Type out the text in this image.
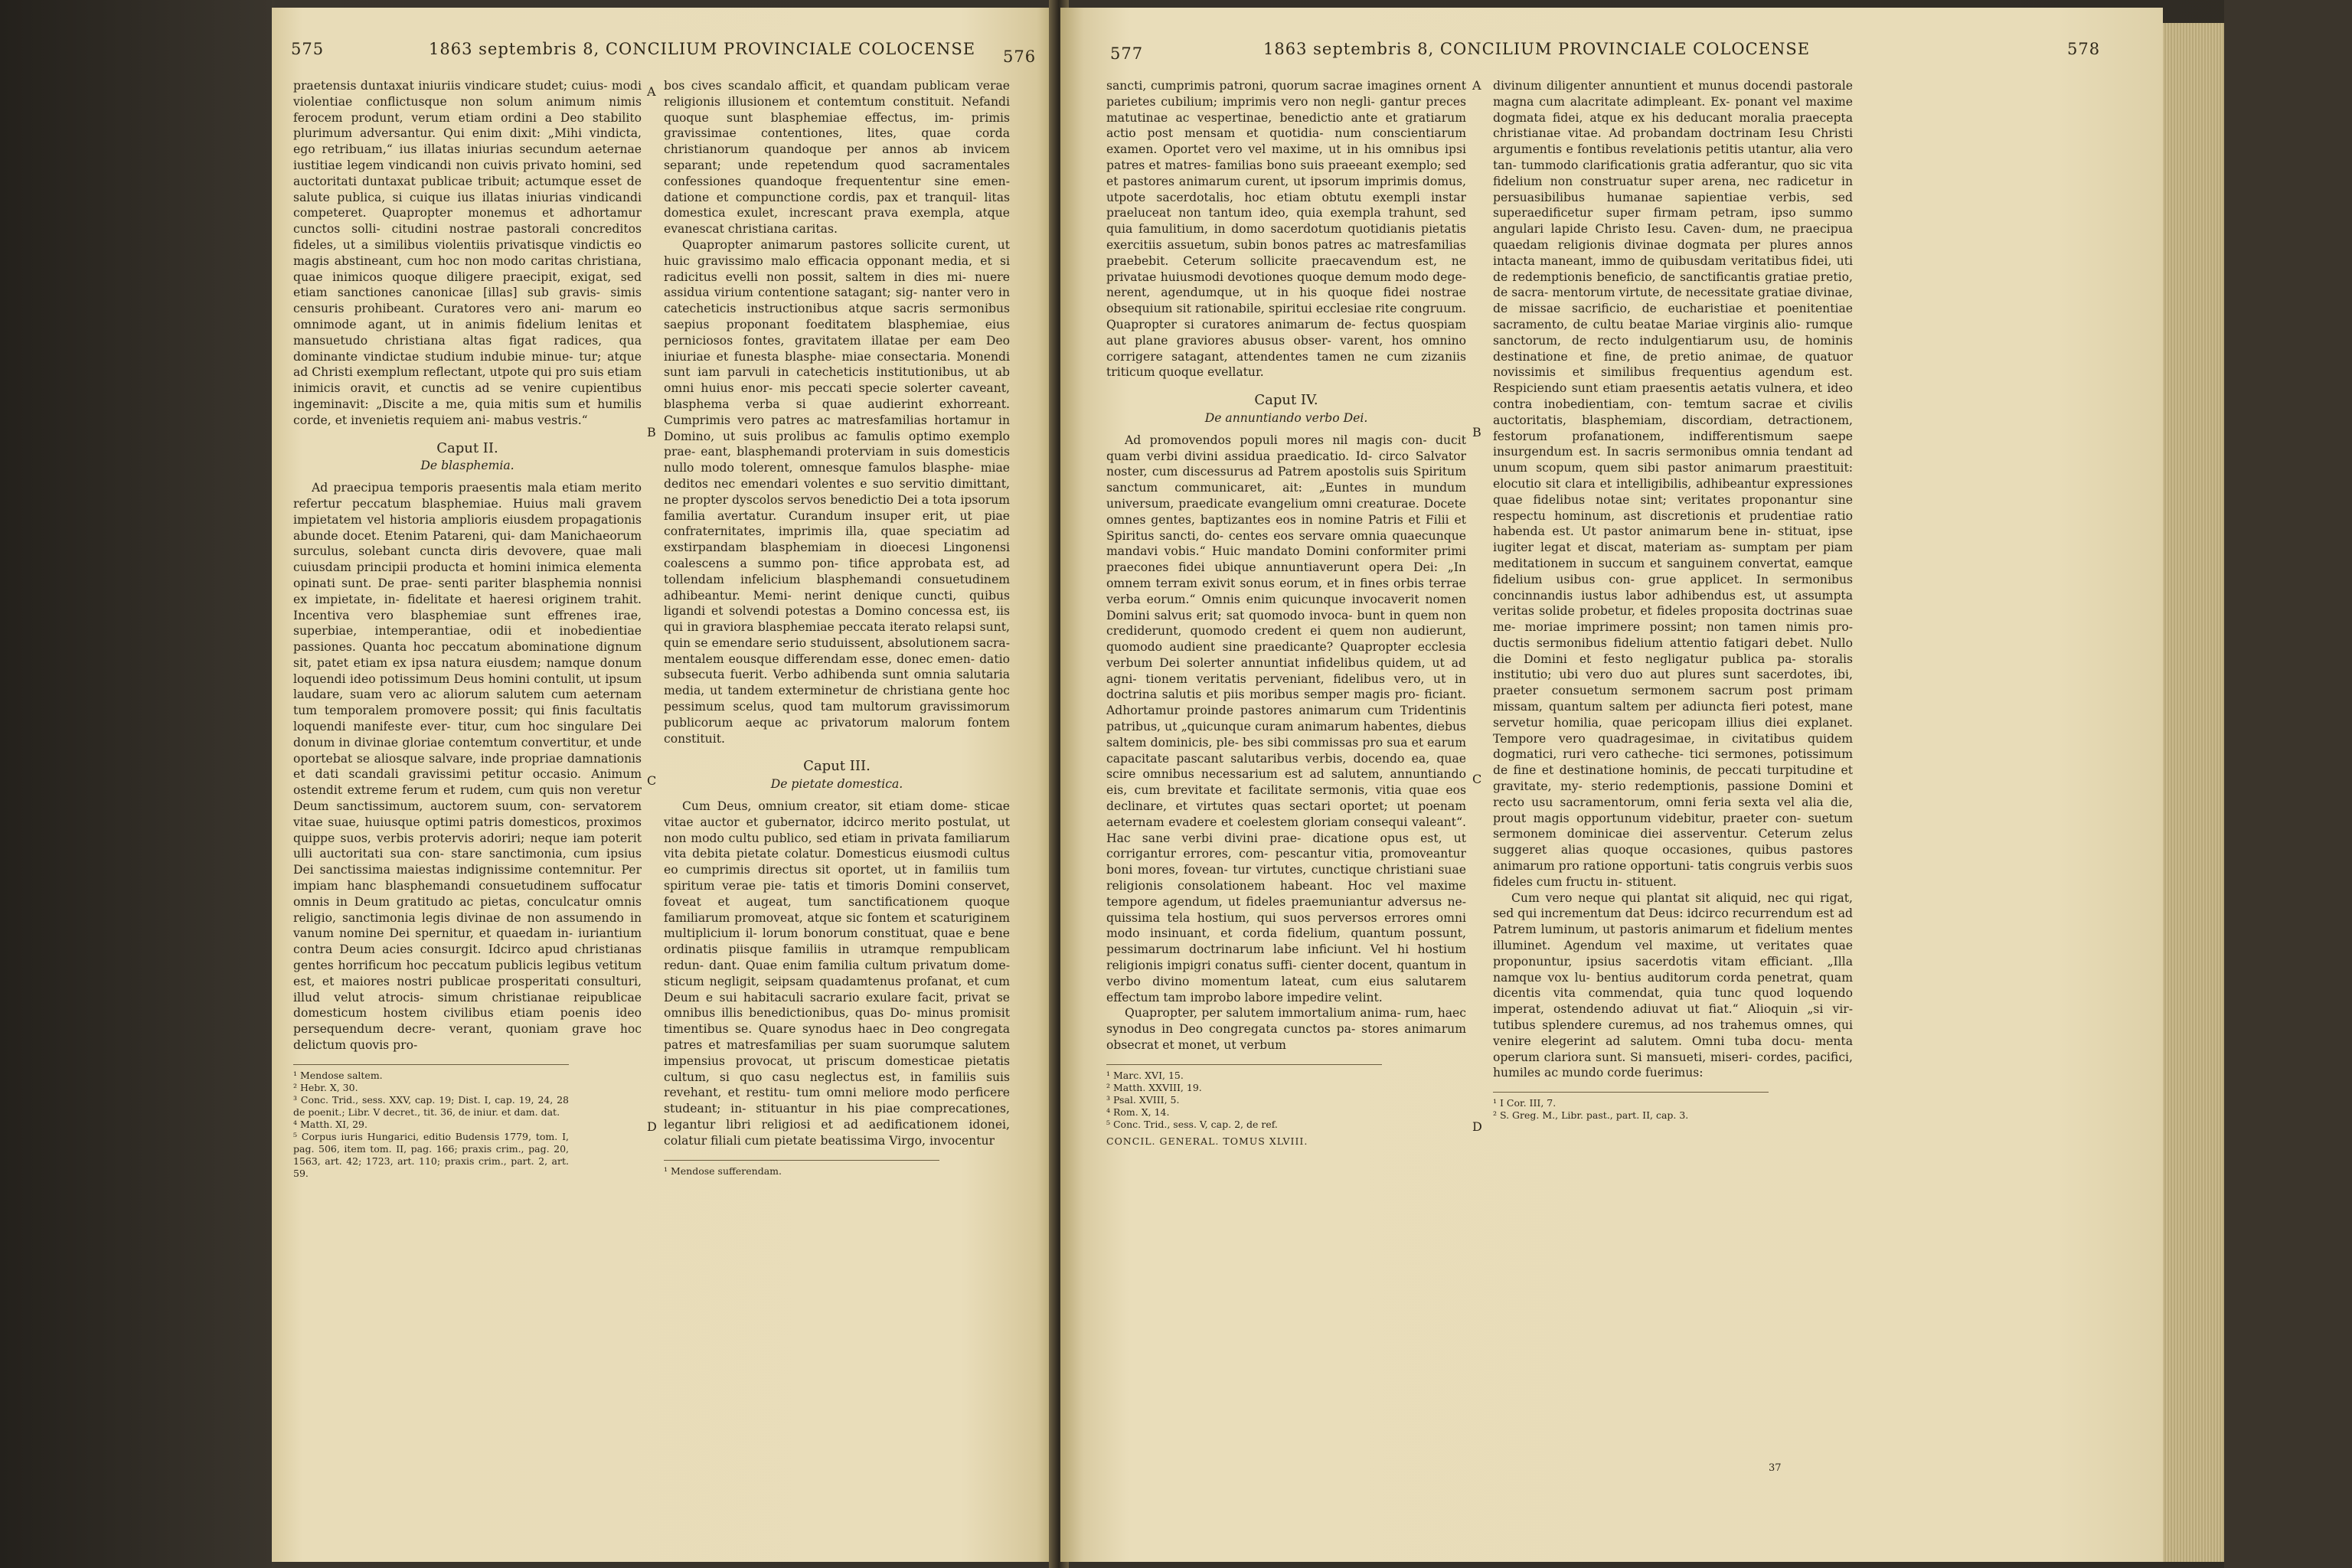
575	1863 septembris 8, CONCILIUM PROVINCIALE COLOCENSE 576

praetensis duntaxat iniuriis vindicare studet; cuius- modi violentiae conflictusque non solum animum nimis ferocem produnt, verum etiam ordini a Deo stabilito plurimum adversantur. Qui enim dixit: „Mihi vindicta, ego retribuam,“ ius illatas iniurias secundum aeternae iustitiae legem vindicandi non cuivis privato homini, sed auctoritati duntaxat publicae tribuit; actumque esset de salute publica, si cuique ius illatas iniurias vindicandi competeret. Quapropter monemus et adhortamur cunctos solli- citudini nostrae pastorali concreditos fideles, ut a similibus violentiis privatisque vindictis eo magis abstineant, cum hoc non modo caritas christiana, quae inimicos quoque diligere praecipit, exigat, sed etiam sanctiones canonicae [illas] sub gravis- simis censuris prohibeant. Curatores vero ani- marum eo omnimode agant, ut in animis fidelium lenitas et mansuetudo christiana altas figat radices, qua dominante vindictae studium indubie minue- tur; atque ad Christi exemplum reflectant, utpote qui pro suis etiam inimicis oravit, et cunctis ad se venire cupientibus ingeminavit: „Discite a me, quia mitis sum et humilis corde, et invenietis requiem ani- mabus vestris.“

Caput II.
De blasphemia.

Ad praecipua temporis praesentis mala etiam merito refertur peccatum blasphemiae. Huius mali gravem impietatem vel historia amplioris eiusdem propagationis abunde docet. Etenim Patareni, qui- dam Manichaeorum surculus, solebant cuncta diris devovere, quae mali cuiusdam principii producta et homini inimica elementa opinati sunt. De prae- senti pariter blasphemia nonnisi ex impietate, in- fidelitate et haeresi originem trahit. Incentiva vero blasphemiae sunt effrenes irae, superbiae, intemperantiae, odii et inobedientiae passiones. Quanta hoc peccatum abominatione dignum sit, patet etiam ex ipsa natura eiusdem; namque donum loquendi ideo potissimum Deus homini contulit, ut ipsum laudare, suam vero ac aliorum salutem cum aeternam tum temporalem promovere possit; qui finis facultatis loquendi manifeste ever- titur, cum hoc singulare Dei donum in divinae gloriae contemtum convertitur, et unde oportebat se aliosque salvare, inde propriae damnationis et dati scandali gravissimi petitur occasio. Animum ostendit extreme ferum et rudem, cum quis non veretur Deum sanctissimum, auctorem suum, con- servatorem vitae suae, huiusque optimi patris domesticos, proximos quippe suos, verbis protervis adoriri; neque iam poterit ulli auctoritati sua con- stare sanctimonia, cum ipsius Dei sanctissima maiestas indignissime contemnitur. Per impiam hanc blasphemandi consuetudinem suffocatur omnis in Deum gratitudo ac pietas, conculcatur omnis religio, sanctimonia legis divinae de non assumendo in vanum nomine Dei spernitur, et quaedam in- iuriantium contra Deum acies consurgit. Idcirco apud christianas gentes horrificum hoc peccatum publicis legibus vetitum est, et maiores nostri publicae prosperitati consulturi, illud velut atrocis- simum christianae reipublicae domesticum hostem civilibus etiam poenis ideo persequendum decre- verant, quoniam grave hoc delictum quovis pro-

¹ Mendose saltem.
² Hebr. X, 30.
³ Conc. Trid., sess. XXV, cap. 19; Dist. I, cap. 19, 24, 28 de poenit.; Libr. V decret., tit. 36, de iniur. et dam. dat.
⁴ Matth. XI, 29.
⁵ Corpus iuris Hungarici, editio Budensis 1779, tom. I, pag. 506, item tom. II, pag. 166; praxis crim., pag. 20, 1563, art. 42; 1723, art. 110; praxis crim., part. 2, art. 59.
A
B
C
D

bos cives scandalo afficit, et quandam publicam verae religionis illusionem et contemtum constituit. Nefandi quoque sunt blasphemiae effectus, im- primis gravissimae contentiones, lites, quae corda christianorum quandoque per annos ab invicem separant; unde repetendum quod sacramentales confessiones quandoque frequententur sine emen- datione et compunctione cordis, pax et tranquil- litas domestica exulet, increscant prava exempla, atque evanescat christiana caritas.

Quapropter animarum pastores sollicite curent, ut huic gravissimo malo efficacia opponant media, et si radicitus evelli non possit, saltem in dies mi- nuere assidua virium contentione satagant; sig- nanter vero in catecheticis instructionibus atque sacris sermonibus saepius proponant foeditatem blasphemiae, eius perniciosos fontes, gravitatem illatae per eam Deo iniuriae et funesta blasphe- miae consectaria. Monendi sunt iam parvuli in catecheticis institutionibus, ut ab omni huius enor- mis peccati specie solerter caveant, blasphema verba si quae audierint exhorreant. Cumprimis vero patres ac matresfamilias hortamur in Domino, ut suis prolibus ac famulis optimo exemplo prae- eant, blasphemandi proterviam in suis domesticis nullo modo tolerent, omnesque famulos blasphe- miae deditos nec emendari volentes e suo servitio dimittant, ne propter dyscolos servos benedictio Dei a tota ipsorum familia avertatur. Curandum insuper erit, ut piae confraternitates, imprimis illa, quae speciatim ad exstirpandam blasphemiam in dioecesi Lingonensi coalescens a summo pon- tifice approbata est, ad tollendam infelicium blasphemandi consuetudinem adhibeantur. Memi- nerint denique cuncti, quibus ligandi et solvendi potestas a Domino concessa est, iis qui in graviora blasphemiae peccata iterato relapsi sunt, quin se emendare serio studuissent, absolutionem sacra- mentalem eousque differendam esse, donec emen- datio subsecuta fuerit. Verbo adhibenda sunt omnia salutaria media, ut tandem exterminetur de christiana gente hoc pessimum scelus, quod tam multorum gravissimorum publicorum aeque ac privatorum malorum fontem constituit.

Caput III.
De pietate domestica.

Cum Deus, omnium creator, sit etiam dome- sticae vitae auctor et gubernator, idcirco merito postulat, ut non modo cultu publico, sed etiam in privata familiarum vita debita pietate colatur. Domesticus eiusmodi cultus eo cumprimis directus sit oportet, ut in familiis tum spiritum verae pie- tatis et timoris Domini conservet, foveat et augeat, tum sanctificationem quoque familiarum promoveat, atque sic fontem et scaturiginem multiplicium il- lorum bonorum constituat, quae e bene ordinatis piisque familiis in utramque rempublicam redun- dant. Quae enim familia cultum privatum dome- sticum negligit, seipsam quadamtenus profanat, et cum Deum e sui habitaculi sacrario exulare facit, privat se omnibus illis benedictionibus, quas Do- minus promisit timentibus se. Quare synodus haec in Deo congregata patres et matresfamilias per suam suorumque salutem impensius provocat, ut priscum domesticae pietatis cultum, si quo casu neglectus est, in familiis suis revehant, et restitu- tum omni meliore modo perficere studeant; in- stituantur in his piae comprecationes, legantur libri religiosi et ad aedificationem idonei, colatur filiali cum pietate beatissima Virgo, invocentur

¹ Mendose sufferendam.
577	1863 septembris 8, CONCILIUM PROVINCIALE COLOCENSE	578

sancti, cumprimis patroni, quorum sacrae imagines ornent parietes cubilium; imprimis vero non negli- gantur preces matutinae ac vespertinae, benedictio ante et gratiarum actio post mensam et quotidia- num conscientiarum examen. Oportet vero vel maxime, ut in his omnibus ipsi patres et matres- familias bono suis praeeant exemplo; sed et pastores animarum curent, ut ipsorum imprimis domus, utpote sacerdotalis, hoc etiam obtutu exempli instar praeluceat non tantum ideo, quia exempla trahunt, sed quia famulitium, in domo sacerdotum quotidianis pietatis exercitiis assuetum, subin bonos patres ac matresfamilias praebebit. Ceterum sollicite praecavendum est, ne privatae huiusmodi devotiones quoque demum modo dege- nerent, agendumque, ut in his quoque fidei nostrae obsequium sit rationabile, spiritui ecclesiae rite congruum. Quapropter si curatores animarum de- fectus quospiam aut plane graviores abusus obser- varent, hos omnino corrigere satagant, attendentes tamen ne cum zizaniis triticum quoque evellatur.

Caput IV.
De annuntiando verbo Dei.

Ad promovendos populi mores nil magis con- ducit quam verbi divini assidua praedicatio. Id- circo Salvator noster, cum discessurus ad Patrem apostolis suis Spiritum sanctum communicaret, ait: „Euntes in mundum universum, praedicate evangelium omni creaturae. Docete omnes gentes, baptizantes eos in nomine Patris et Filii et Spiritus sancti, do- centes eos servare omnia quaecunque mandavi vobis.“ Huic mandato Domini conformiter primi praecones fidei ubique annuntiaverunt opera Dei: „In omnem terram exivit sonus eorum, et in fines orbis terrae verba eorum.“ Omnis enim quicunque invocaverit nomen Domini salvus erit; sat quomodo invoca- bunt in quem non crediderunt, quomodo credent ei quem non audierunt, quomodo audient sine praedicante? Quapropter ecclesia verbum Dei solerter annuntiat infidelibus quidem, ut ad agni- tionem veritatis perveniant, fidelibus vero, ut in doctrina salutis et piis moribus semper magis pro- ficiant. Adhortamur proinde pastores animarum cum Tridentinis patribus, ut „quicunque curam animarum habentes, diebus saltem dominicis, ple- bes sibi commissas pro sua et earum capacitate pascant salutaribus verbis, docendo ea, quae scire omnibus necessarium est ad salutem, annuntiando eis, cum brevitate et facilitate sermonis, vitia quae eos declinare, et virtutes quas sectari oportet; ut poenam aeternam evadere et coelestem gloriam consequi valeant“. Hac sane verbi divini prae- dicatione opus est, ut corrigantur errores, com- pescantur vitia, promoveantur boni mores, fovean- tur virtutes, cunctique christiani suae religionis consolationem habeant. Hoc vel maxime tempore agendum, ut fideles praemuniantur adversus ne- quissima tela hostium, qui suos perversos errores omni modo insinuant, et corda fidelium, quantum possunt, pessimarum doctrinarum labe inficiunt. Vel hi hostium religionis impigri conatus suffi- cienter docent, quantum in verbo divino momentum lateat, cum eius salutarem effectum tam improbo labore impedire velint.

Quapropter, per salutem immortalium anima- rum, haec synodus in Deo congregata cunctos pa- stores animarum obsecrat et monet, ut verbum

¹ Marc. XVI, 15.
² Matth. XXVIII, 19.
³ Psal. XVIII, 5.
⁴ Rom. X, 14.
⁵ Conc. Trid., sess. V, cap. 2, de ref.
CONCIL. GENERAL. TOMUS XLVIII.
A
B
C
D

divinum diligenter annuntient et munus docendi pastorale magna cum alacritate adimpleant. Ex- ponant vel maxime dogmata fidei, atque ex his deducant moralia praecepta christianae vitae. Ad probandam doctrinam Iesu Christi argumentis e fontibus revelationis petitis utantur, alia vero tan- tummodo clarificationis gratia adferantur, quo sic vita fidelium non construatur super arena, nec radicetur in persuasibilibus humanae sapientiae verbis, sed superaedificetur super firmam petram, ipso summo angulari lapide Christo Iesu. Caven- dum, ne praecipua quaedam religionis divinae dogmata per plures annos intacta maneant, immo de quibusdam veritatibus fidei, uti de redemptionis beneficio, de sanctificantis gratiae pretio, de sacra- mentorum virtute, de necessitate gratiae divinae, de missae sacrificio, de eucharistiae et poenitentiae sacramento, de cultu beatae Mariae virginis alio- rumque sanctorum, de recto indulgentiarum usu, de hominis destinatione et fine, de pretio animae, de quatuor novissimis et similibus frequentius agendum est. Respiciendo sunt etiam praesentis aetatis vulnera, et ideo contra inobedientiam, con- temtum sacrae et civilis auctoritatis, blasphemiam, discordiam, detractionem, festorum profanationem, indifferentismum saepe insurgendum est. In sacris sermonibus omnia tendant ad unum scopum, quem sibi pastor animarum praestituit: elocutio sit clara et intelligibilis, adhibeantur expressiones quae fidelibus notae sint; veritates proponantur sine respectu hominum, ast discretionis et prudentiae ratio habenda est. Ut pastor animarum bene in- stituat, ipse iugiter legat et discat, materiam as- sumptam per piam meditationem in succum et sanguinem convertat, eamque fidelium usibus con- grue applicet. In sermonibus concinnandis iustus labor adhibendus est, ut assumpta veritas solide probetur, et fideles proposita doctrinas suae me- moriae imprimere possint; non tamen nimis pro- ductis sermonibus fidelium attentio fatigari debet. Nullo die Domini et festo negligatur publica pa- storalis institutio; ubi vero duo aut plures sunt sacerdotes, ibi, praeter consuetum sermonem sacrum post primam missam, quantum saltem per adiuncta fieri potest, mane servetur homilia, quae pericopam illius diei explanet. Tempore vero quadragesimae, in civitatibus quidem dogmatici, ruri vero catheche- tici sermones, potissimum de fine et destinatione hominis, de peccati turpitudine et gravitate, my- sterio redemptionis, passione Domini et recto usu sacramentorum, omni feria sexta vel alia die, prout magis opportunum videbitur, praeter con- suetum sermonem dominicae diei asserventur. Ceterum zelus suggeret alias quoque occasiones, quibus pastores animarum pro ratione opportuni- tatis congruis verbis suos fideles cum fructu in- stituent.

Cum vero neque qui plantat sit aliquid, nec qui rigat, sed qui incrementum dat Deus: idcirco recurrendum est ad Patrem luminum, ut pastoris animarum et fidelium mentes illuminet. Agendum vel maxime, ut veritates quae proponuntur, ipsius sacerdotis vitam efficiant. „Illa namque vox lu- bentius auditorum corda penetrat, quam dicentis vita commendat, quia tunc quod loquendo imperat, ostendendo adiuvat ut fiat.“ Alioquin „si vir- tutibus splendere curemus, ad nos trahemus omnes, qui venire elegerint ad salutem. Omni tuba docu- menta operum clariora sunt. Si mansueti, miseri- cordes, pacifici, humiles ac mundo corde fuerimus:

¹ I Cor. III, 7.
² S. Greg. M., Libr. past., part. II, cap. 3.
37
